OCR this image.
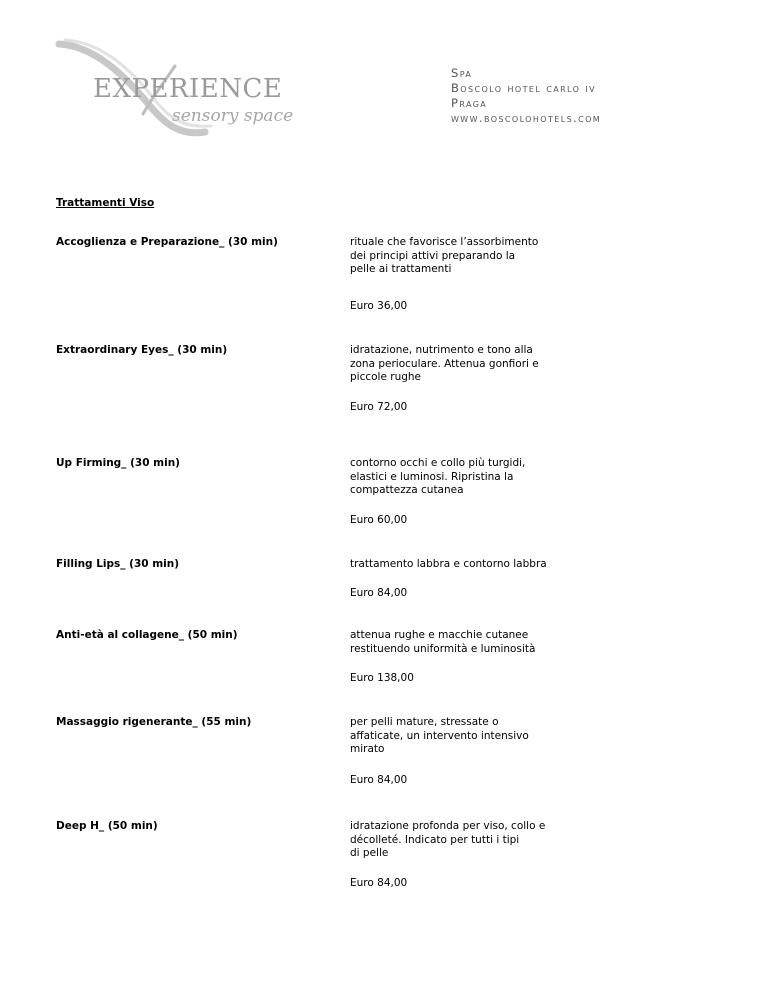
EXPERIENCE
sensory space
Spa
Boscolo hotel carlo iv
Praga
www.boscolohotels.com
Trattamenti Viso
Accoglienza e Preparazione_ (30 min)	rituale che favorisce l’assorbimento
dei principi attivi preparando la
pelle ai trattamenti
Euro 36,00
Extraordinary Eyes_ (30 min)	idratazione, nutrimento e tono alla
zona perioculare. Attenua gonfiori e
piccole rughe
Euro 72,00
Up Firming_ (30 min)	contorno occhi e collo più turgidi,
elastici e luminosi. Ripristina la
compattezza cutanea
Euro 60,00
Filling Lips_ (30 min)	trattamento labbra e contorno labbra
Euro 84,00
Anti-età al collagene_ (50 min)	attenua rughe e macchie cutanee
restituendo uniformità e luminosità
Euro 138,00
Massaggio rigenerante_ (55 min)	per pelli mature, stressate o
affaticate, un intervento intensivo
mirato
Euro 84,00
Deep H_ (50 min)	idratazione profonda per viso, collo e
décolleté. Indicato per tutti i tipi
di pelle
Euro 84,00
